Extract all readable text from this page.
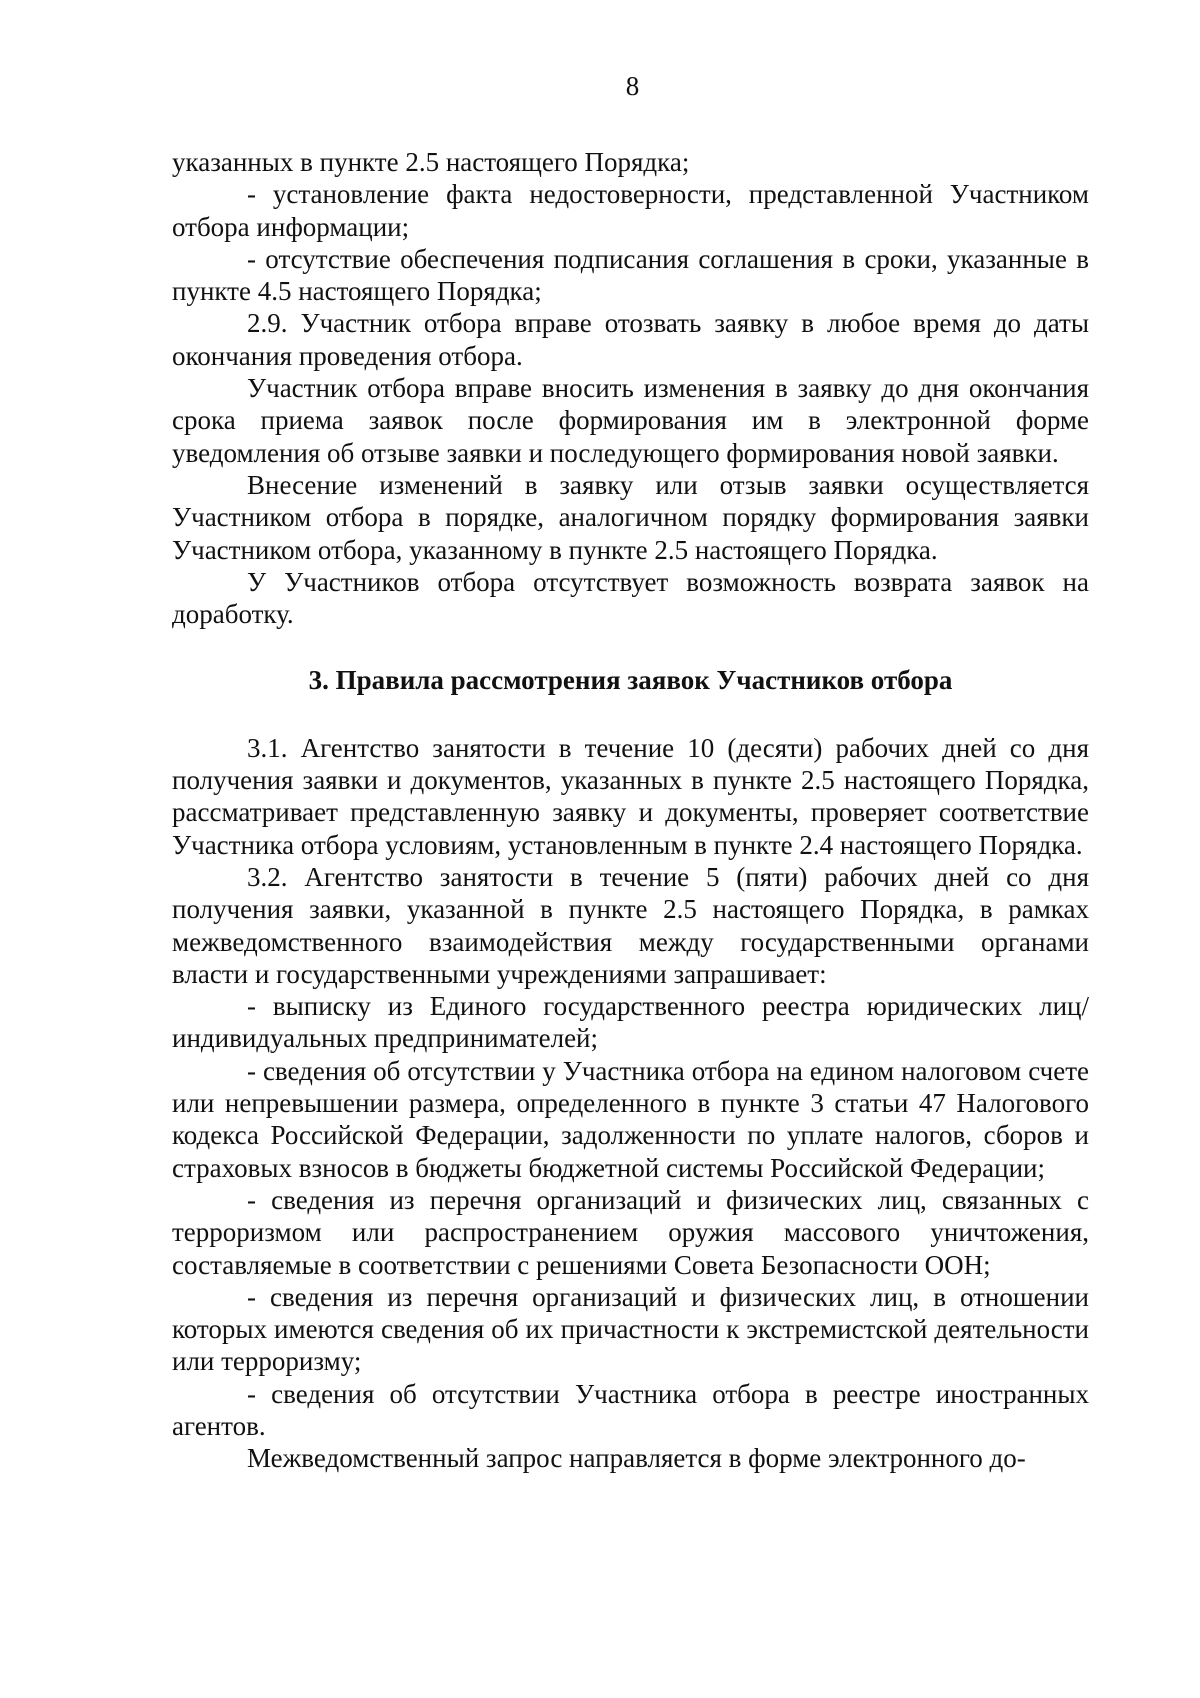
8

указанных в пункте 2.5 настоящего Порядка;

- установление факта недостоверности, представленной Участником отбора информации;

- отсутствие обеспечения подписания соглашения в сроки, указанные в пункте 4.5 настоящего Порядка;

2.9. Участник отбора вправе отозвать заявку в любое время до даты окончания проведения отбора.

Участник отбора вправе вносить изменения в заявку до дня окончания срока приема заявок после формирования им в электронной форме уведомления об отзыве заявки и последующего формирования новой заявки.

Внесение изменений в заявку или отзыв заявки осуществляется Участником отбора в порядке, аналогичном порядку формирования заявки Участником отбора, указанному в пункте 2.5 настоящего Порядка.

У Участников отбора отсутствует возможность возврата заявок на доработку.

3. Правила рассмотрения заявок Участников отбора

3.1. Агентство занятости в течение 10 (десяти) рабочих дней со дня получения заявки и документов, указанных в пункте 2.5 настоящего Порядка, рассматривает представленную заявку и документы, проверяет соответствие Участника отбора условиям, установленным в пункте 2.4 настоящего Порядка.

3.2. Агентство занятости в течение 5 (пяти) рабочих дней со дня получения заявки, указанной в пункте 2.5 настоящего Порядка, в рамках межведомственного взаимодействия между государственными органами власти и государственными учреждениями запрашивает:

- выписку из Единого государственного реестра юридических лиц/индивидуальных предпринимателей;

- сведения об отсутствии у Участника отбора на едином налоговом счете или непревышении размера, определенного в пункте 3 статьи 47 Налогового кодекса Российской Федерации, задолженности по уплате налогов, сборов и страховых взносов в бюджеты бюджетной системы Российской Федерации;

- сведения из перечня организаций и физических лиц, связанных с терроризмом или распространением оружия массового уничтожения, составляемые в соответствии с решениями Совета Безопасности ООН;

- сведения из перечня организаций и физических лиц, в отношении которых имеются сведения об их причастности к экстремистской деятельности или терроризму;

- сведения об отсутствии Участника отбора в реестре иностранных агентов.

Межведомственный запрос направляется в форме электронного до-
